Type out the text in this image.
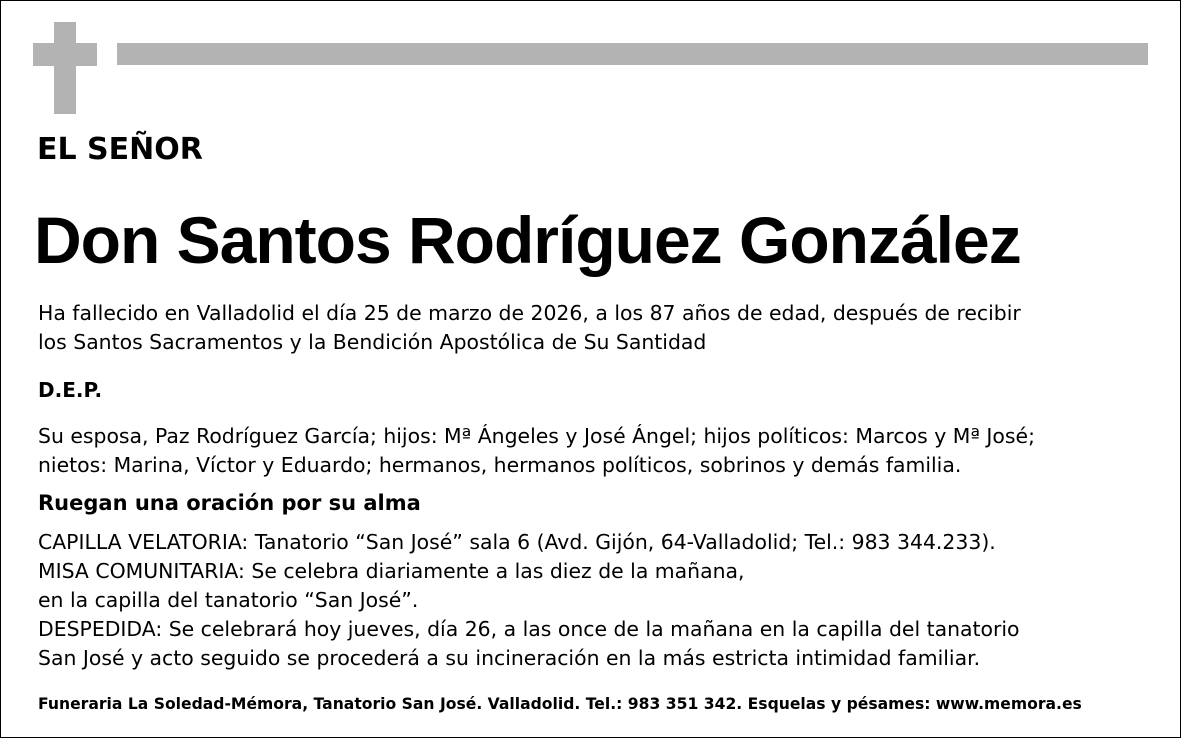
EL SEÑOR
Don Santos Rodríguez González

Ha fallecido en Valladolid el día 25 de marzo de 2026, a los 87 años de edad, después de recibir
los Santos Sacramentos y la Bendición Apostólica de Su Santidad

D.E.P.

Su esposa, Paz Rodríguez García; hijos: Mª Ángeles y José Ángel; hijos políticos: Marcos y Mª José;
nietos: Marina, Víctor y Eduardo; hermanos, hermanos políticos, sobrinos y demás familia.

Ruegan una oración por su alma

CAPILLA VELATORIA: Tanatorio “San José” sala 6 (Avd. Gijón, 64-Valladolid; Tel.: 983 344.233).
MISA COMUNITARIA: Se celebra diariamente a las diez de la mañana,
en la capilla del tanatorio “San José”.
DESPEDIDA: Se celebrará hoy jueves, día 26, a las once de la mañana en la capilla del tanatorio
San José y acto seguido se procederá a su incineración en la más estricta intimidad familiar.

Funeraria La Soledad-Mémora, Tanatorio San José. Valladolid. Tel.: 983 351 342. Esquelas y pésames: www.memora.es
